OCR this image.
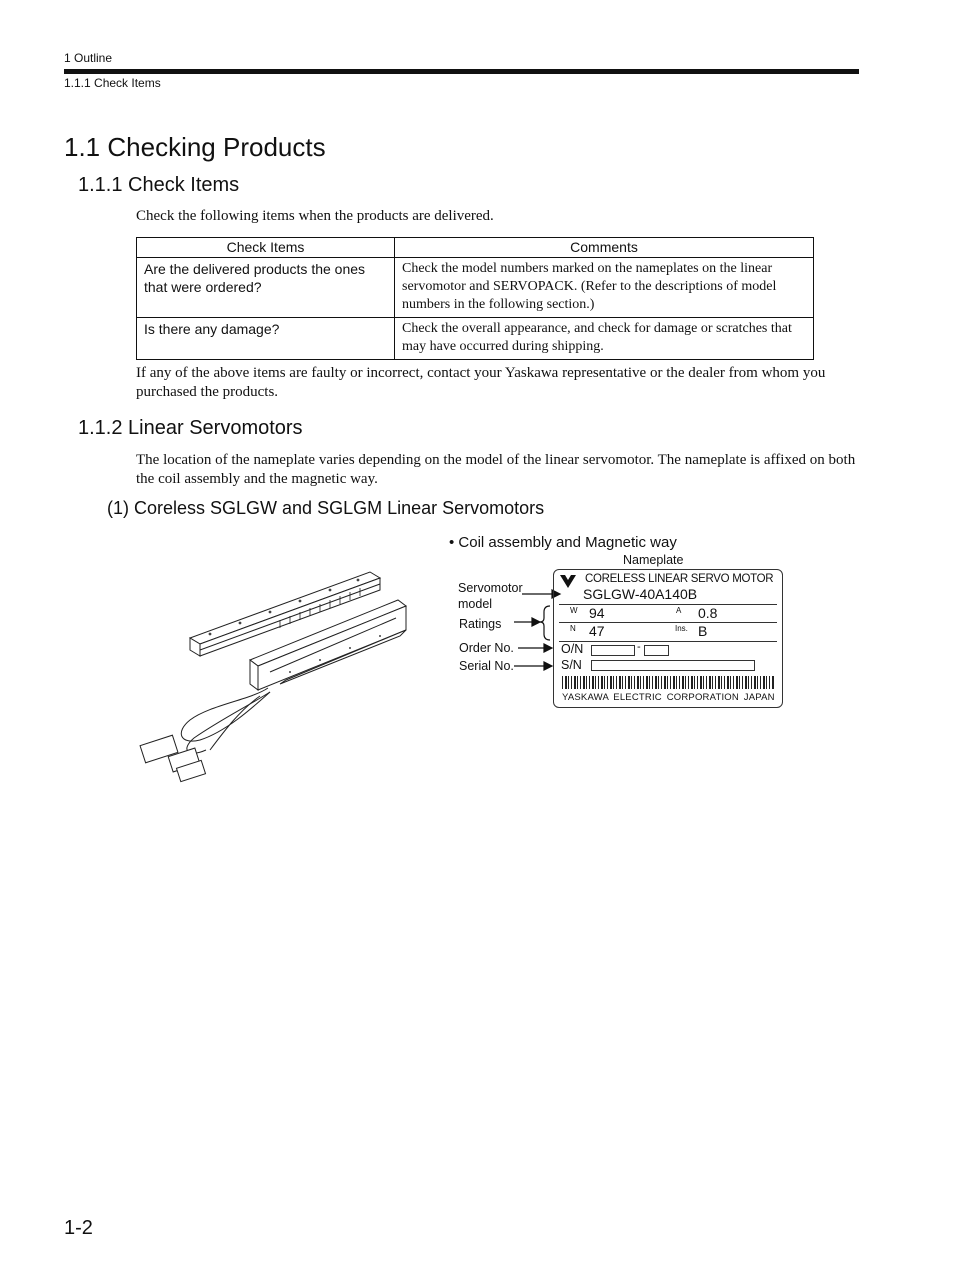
1 Outline
1.1.1 Check Items
1.1 Checking Products
1.1.1 Check Items
Check the following items when the products are delivered.
Check Items	Comments
Are the delivered products the ones that were ordered?	Check the model numbers marked on the nameplates on the linear servomotor and SERVOPACK. (Refer to the descriptions of model numbers in the following section.)
Is there any damage?	Check the overall appearance, and check for damage or scratches that may have occurred during shipping.
If any of the above items are faulty or incorrect, contact your Yaskawa representative or the dealer from whom you purchased the products.
1.1.2 Linear Servomotors
The location of the nameplate varies depending on the model of the linear servomotor. The nameplate is affixed on both the coil assembly and the magnetic way.
(1) Coreless SGLGW and SGLGM Linear Servomotors
• Coil assembly and Magnetic way
Nameplate
Servomotor
model
Ratings
Order No.
Serial No.
CORELESS LINEAR SERVO MOTOR
SGLGW-40A140B
W 94	A 0.8
N 47	Ins. B
O/N	-
S/N
YASKAWA ELECTRIC CORPORATION JAPAN
1-2
